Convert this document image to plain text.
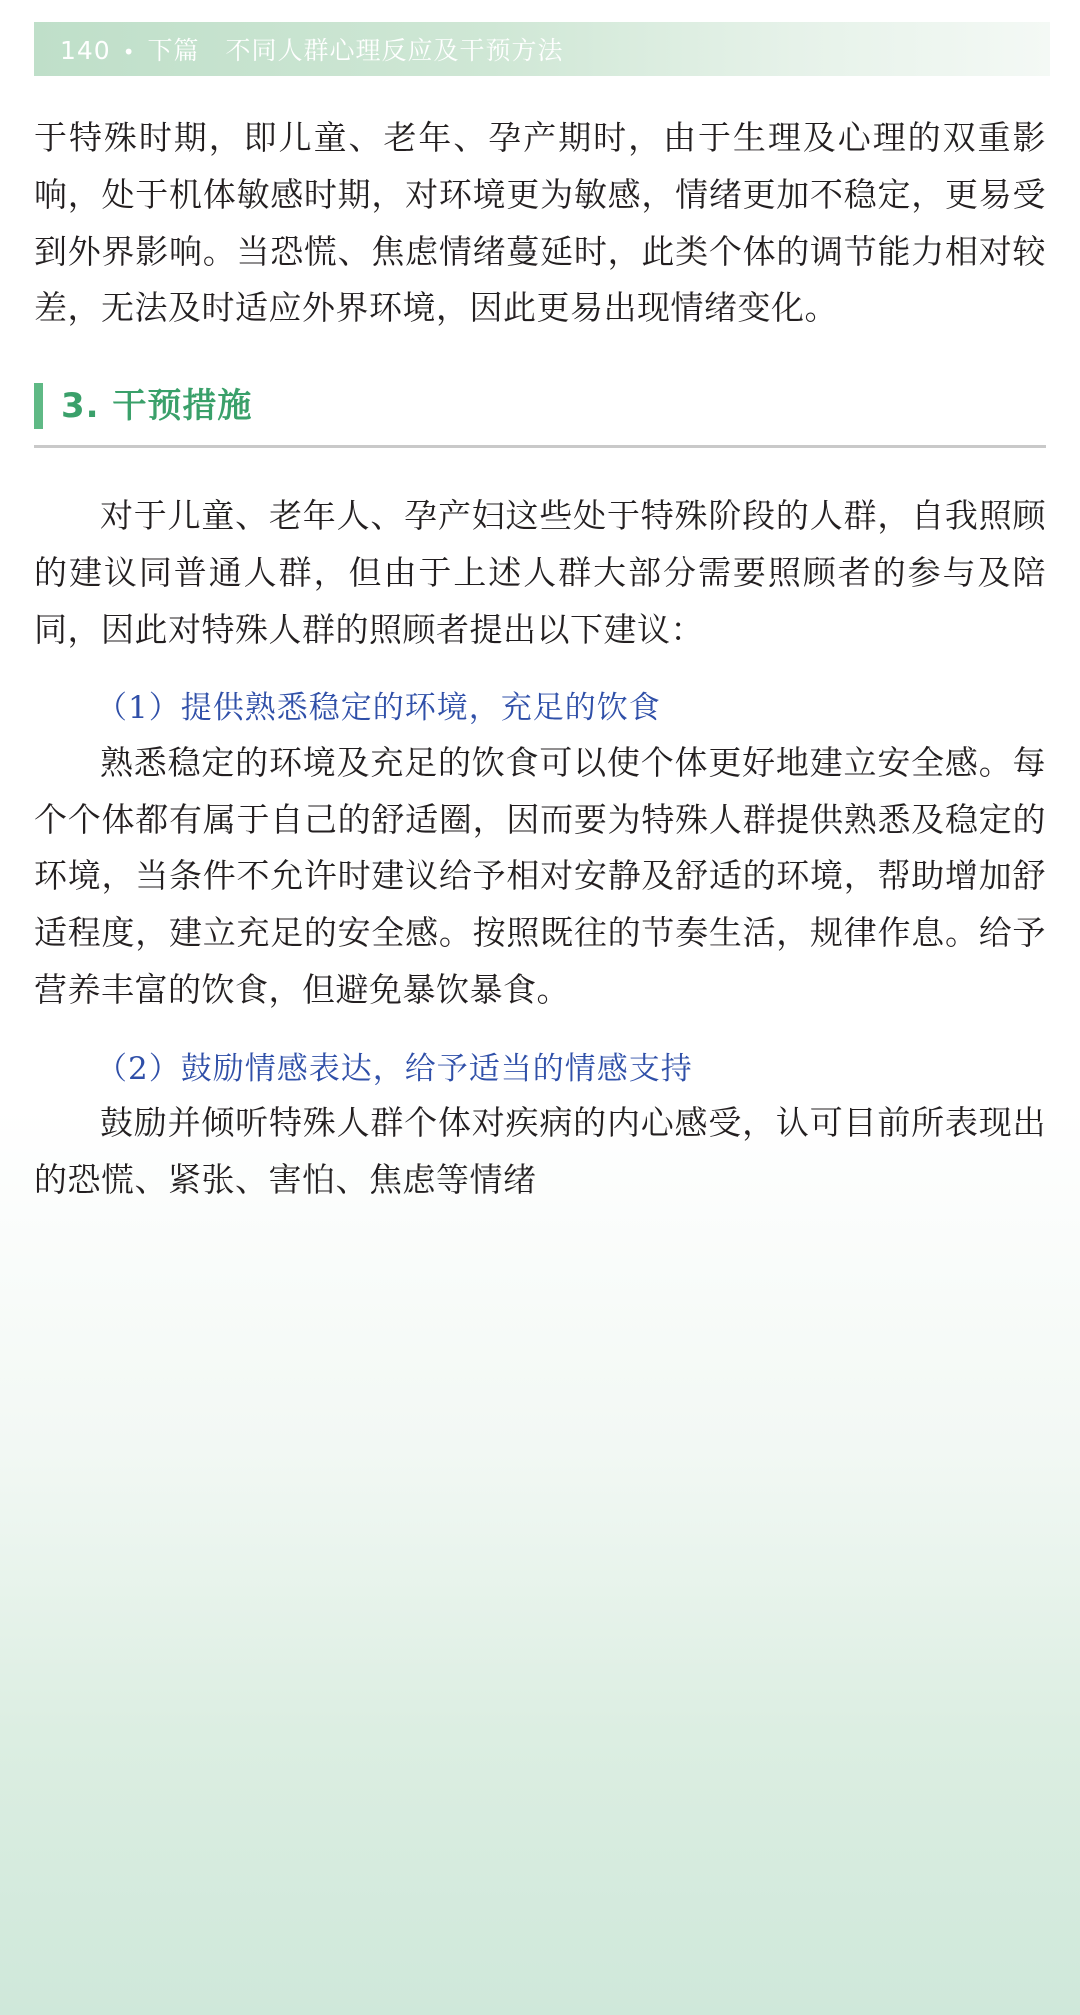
140 • 下篇 不同人群心理反应及干预方法

于特殊时期，即儿童、老年、孕产期时，由于生理及心理的双重影响，处于机体敏感时期，对环境更为敏感，情绪更加不稳定，更易受到外界影响。当恐慌、焦虑情绪蔓延时，此类个体的调节能力相对较差，无法及时适应外界环境，因此更易出现情绪变化。

3. 干预措施

对于儿童、老年人、孕产妇这些处于特殊阶段的人群，自我照顾的建议同普通人群，但由于上述人群大部分需要照顾者的参与及陪同，因此对特殊人群的照顾者提出以下建议：

（1）提供熟悉稳定的环境，充足的饮食

熟悉稳定的环境及充足的饮食可以使个体更好地建立安全感。每个个体都有属于自己的舒适圈，因而要为特殊人群提供熟悉及稳定的环境，当条件不允许时建议给予相对安静及舒适的环境，帮助增加舒适程度，建立充足的安全感。按照既往的节奏生活，规律作息。给予营养丰富的饮食，但避免暴饮暴食。

（2）鼓励情感表达，给予适当的情感支持

鼓励并倾听特殊人群个体对疾病的内心感受，认可目前所表现出的恐慌、紧张、害怕、焦虑等情绪
